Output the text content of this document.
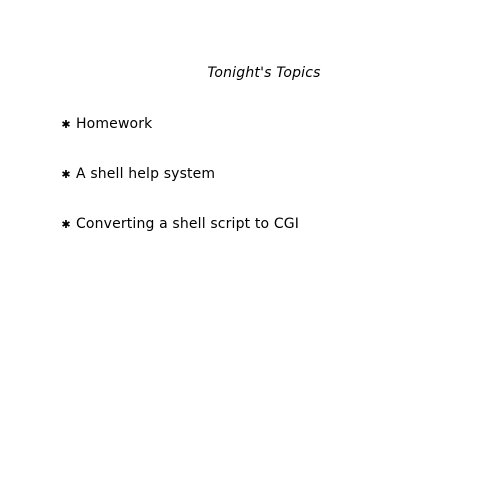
Tonight's Topics
✱ Homework
✱ A shell help system
✱ Converting a shell script to CGI
